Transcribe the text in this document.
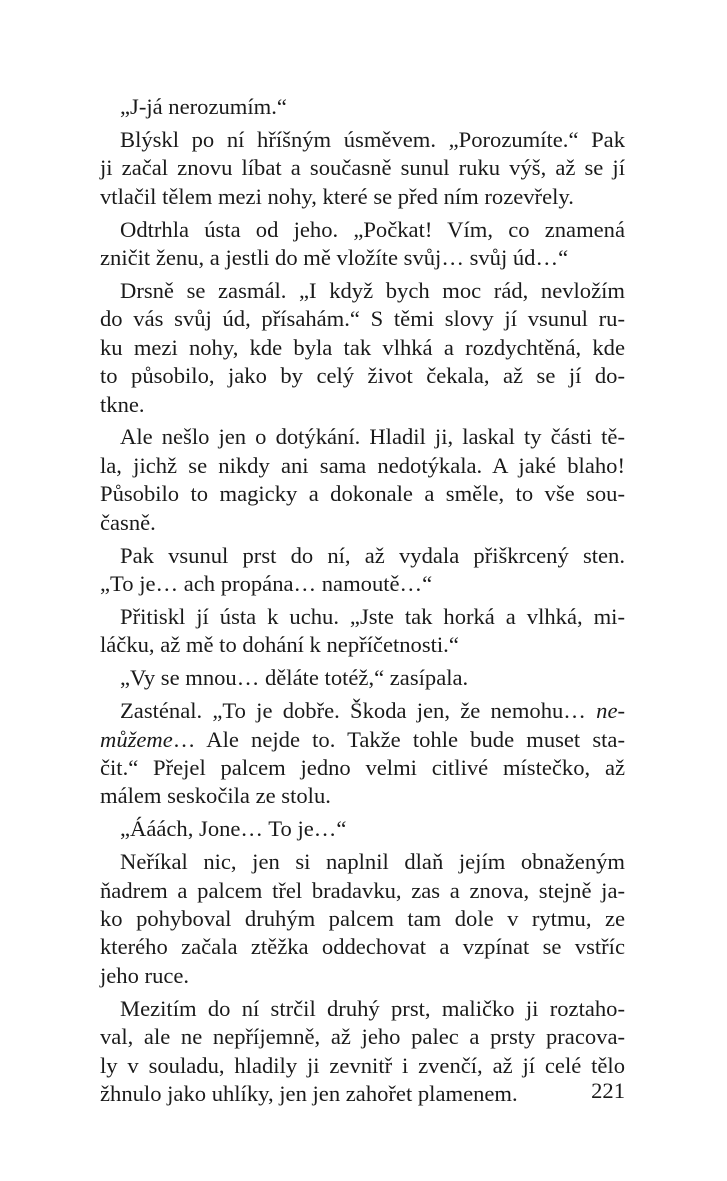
„J-já nerozumím.“

Blýskl po ní hříšným úsměvem. „Porozumíte.“ Pak
ji začal znovu líbat a současně sunul ruku výš, až se jí
vtlačil tělem mezi nohy, které se před ním rozevřely.

Odtrhla ústa od jeho. „Počkat! Vím, co znamená
zničit ženu, a jestli do mě vložíte svůj… svůj úd…“

Drsně se zasmál. „I když bych moc rád, nevložím
do vás svůj úd, přísahám.“ S těmi slovy jí vsunul ru-
ku mezi nohy, kde byla tak vlhká a rozdychtěná, kde
to působilo, jako by celý život čekala, až se jí do-
tkne.

Ale nešlo jen o dotýkání. Hladil ji, laskal ty části tě-
la, jichž se nikdy ani sama nedotýkala. A jaké blaho!
Působilo to magicky a dokonale a směle, to vše sou-
časně.

Pak vsunul prst do ní, až vydala přiškrcený sten.
„To je… ach propána… namoutě…“

Přitiskl jí ústa k uchu. „Jste tak horká a vlhká, mi-
láčku, až mě to dohání k nepříčetnosti.“

„Vy se mnou… děláte totéž,“ zasípala.

Zasténal. „To je dobře. Škoda jen, že nemohu… ne-
můžeme… Ale nejde to. Takže tohle bude muset sta-
čit.“ Přejel palcem jedno velmi citlivé místečko, až
málem seskočila ze stolu.

„Ááách, Jone… To je…“

Neříkal nic, jen si naplnil dlaň jejím obnaženým
ňadrem a palcem třel bradavku, zas a znova, stejně ja-
ko pohyboval druhým palcem tam dole v rytmu, ze
kterého začala ztěžka oddechovat a vzpínat se vstříc
jeho ruce.

Mezitím do ní strčil druhý prst, maličko ji roztaho-
val, ale ne nepříjemně, až jeho palec a prsty pracova-
ly v souladu, hladily ji zevnitř i zvenčí, až jí celé tělo
žhnulo jako uhlíky, jen jen zahořet plamenem.	221
